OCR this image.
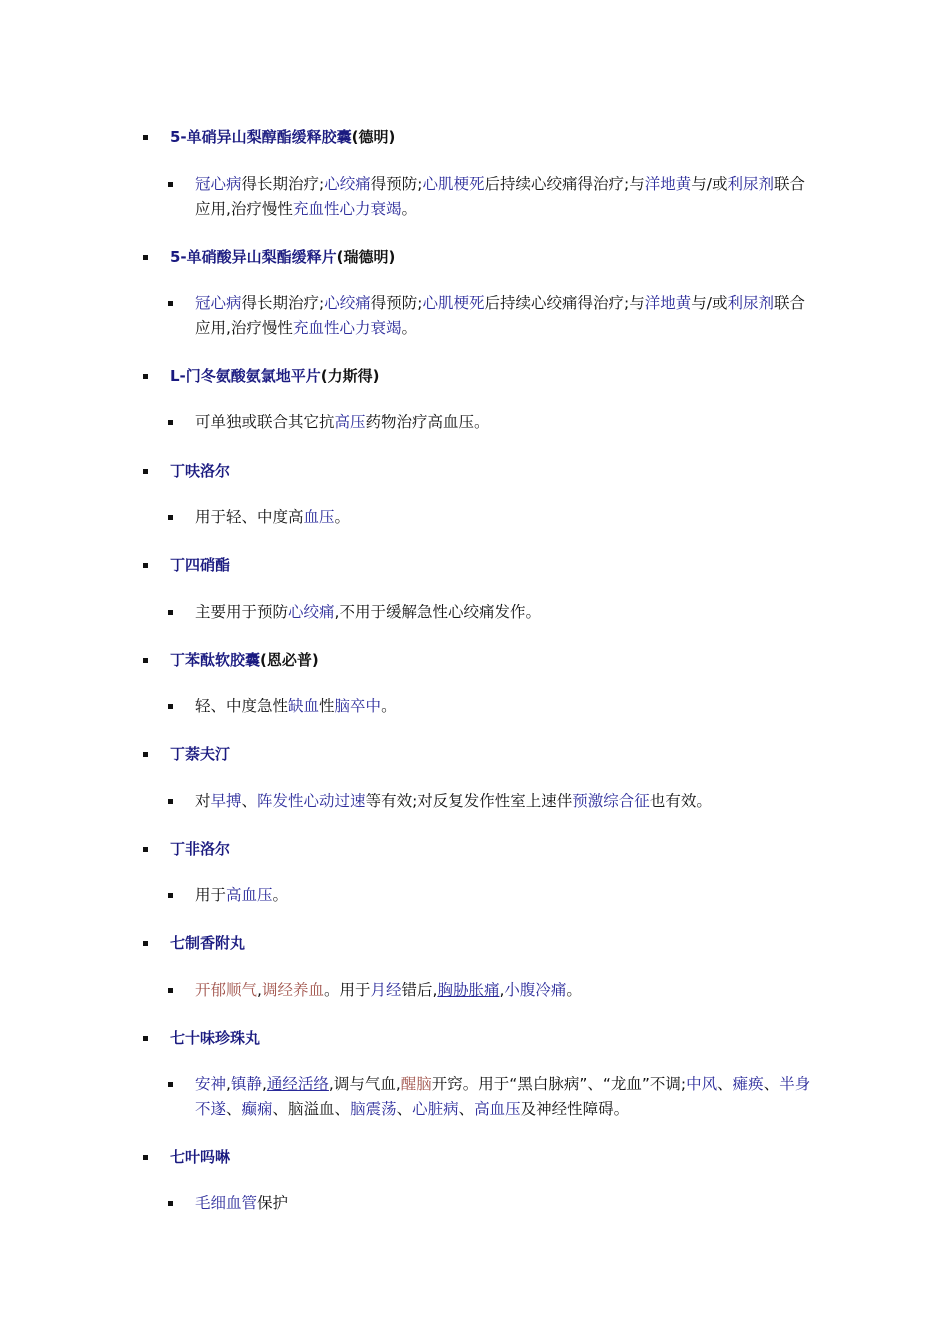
5-单硝异山梨醇酯缓释胶囊(德明)
冠心病得长期治疗;心绞痛得预防;心肌梗死后持续心绞痛得治疗;与洋地黄与/或利尿剂联合应用,治疗慢性充血性心力衰竭。
5-单硝酸异山梨酯缓释片(瑞德明)
冠心病得长期治疗;心绞痛得预防;心肌梗死后持续心绞痛得治疗;与洋地黄与/或利尿剂联合应用,治疗慢性充血性心力衰竭。
L-门冬氨酸氨氯地平片(力斯得)
可单独或联合其它抗高压药物治疗高血压。
丁呋洛尔
用于轻、中度高血压。
丁四硝酯
主要用于预防心绞痛,不用于缓解急性心绞痛发作。
丁苯酞软胶囊(恩必普)
轻、中度急性缺血性脑卒中。
丁萘夫汀
对早搏、阵发性心动过速等有效;对反复发作性室上速伴预激综合征也有效。
丁非洛尔
用于高血压。
七制香附丸
开郁顺气,调经养血。用于月经错后,胸胁胀痛,小腹冷痛。
七十味珍珠丸
安神,镇静,通经活络,调与气血,醒脑开窍。用于“黑白脉病”、“龙血”不调;中风、瘫痪、半身不遂、癫痫、脑溢血、脑震荡、心脏病、高血压及神经性障碍。
七叶吗啉
毛细血管保护
